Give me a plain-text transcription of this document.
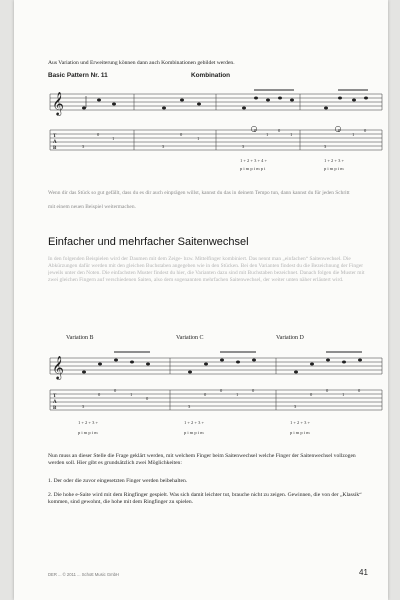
Aus Variation und Erweiterung können dann auch Kombinationen gebildet werden.
Basic Pattern Nr. 11	Kombination
𝄞
T
A
B	3
0
1
3
0
1
3
0
1
0
1
3
0
1
0
1 + 2 + 3 + 4 +
p i m p i m p i
1 + 2 + 3 +
p i m p i m
Wenn dir das Stück so gut gefällt, dass du es dir auch einprägen willst, kannst du das in deinem Tempo tun, dann kannst du für jeden Schritt
mit einem neuen Beispiel weitermachen.
Einfacher und mehrfacher Saitenwechsel
In den folgenden Beispielen wird der Daumen mit dem Zeige- bzw. Mittelfinger kombiniert. Das nennt man „einfachen“ Saitenwechsel. Die Abkürzungen dafür werden mit den gleichen Buchstaben angegeben wie in den Stücken. Bei den Varianten findest du die Bezeichnung der Finger jeweils unter den Noten. Die einfachsten Muster findest du hier, die Varianten dazu sind mit Buchstaben bezeichnet. Danach folgen die Muster mit zwei gleichen Fingern auf verschiedenen Saiten, also dem sogenannten mehrfachen Saitenwechsel, der weiter unten näher erläutert wird.
Variation B	Variation C	Variation D
𝄞
T
A
B	3
0
0
1
0
3
0
0
1
0
3
0
0
1
0
1 + 2 + 3 +
p i m p i m
1 + 2 + 3 +
p i m p i m
1 + 2 + 3 +
p i m p i m
Nun muss an dieser Stelle die Frage geklärt werden, mit welchem Finger beim Saitenwechsel welche Finger der Saitenwechsel vollzogen werden soll. Hier gibt es grundsätzlich zwei Möglichkeiten:
1. Der oder die zuvor eingesetzten Finger werden beibehalten.
2. Die hohe e-Saite wird mit dem Ringfinger gespielt. Was sich damit leichter tut, brauche nicht zu zeigen. Gewinnen, die von der „Klassik“ kommen, sind gewohnt, die hohe mit dem Ringfinger zu spielen.
DER ... © 2011 ... Schott Music GmbH	41
